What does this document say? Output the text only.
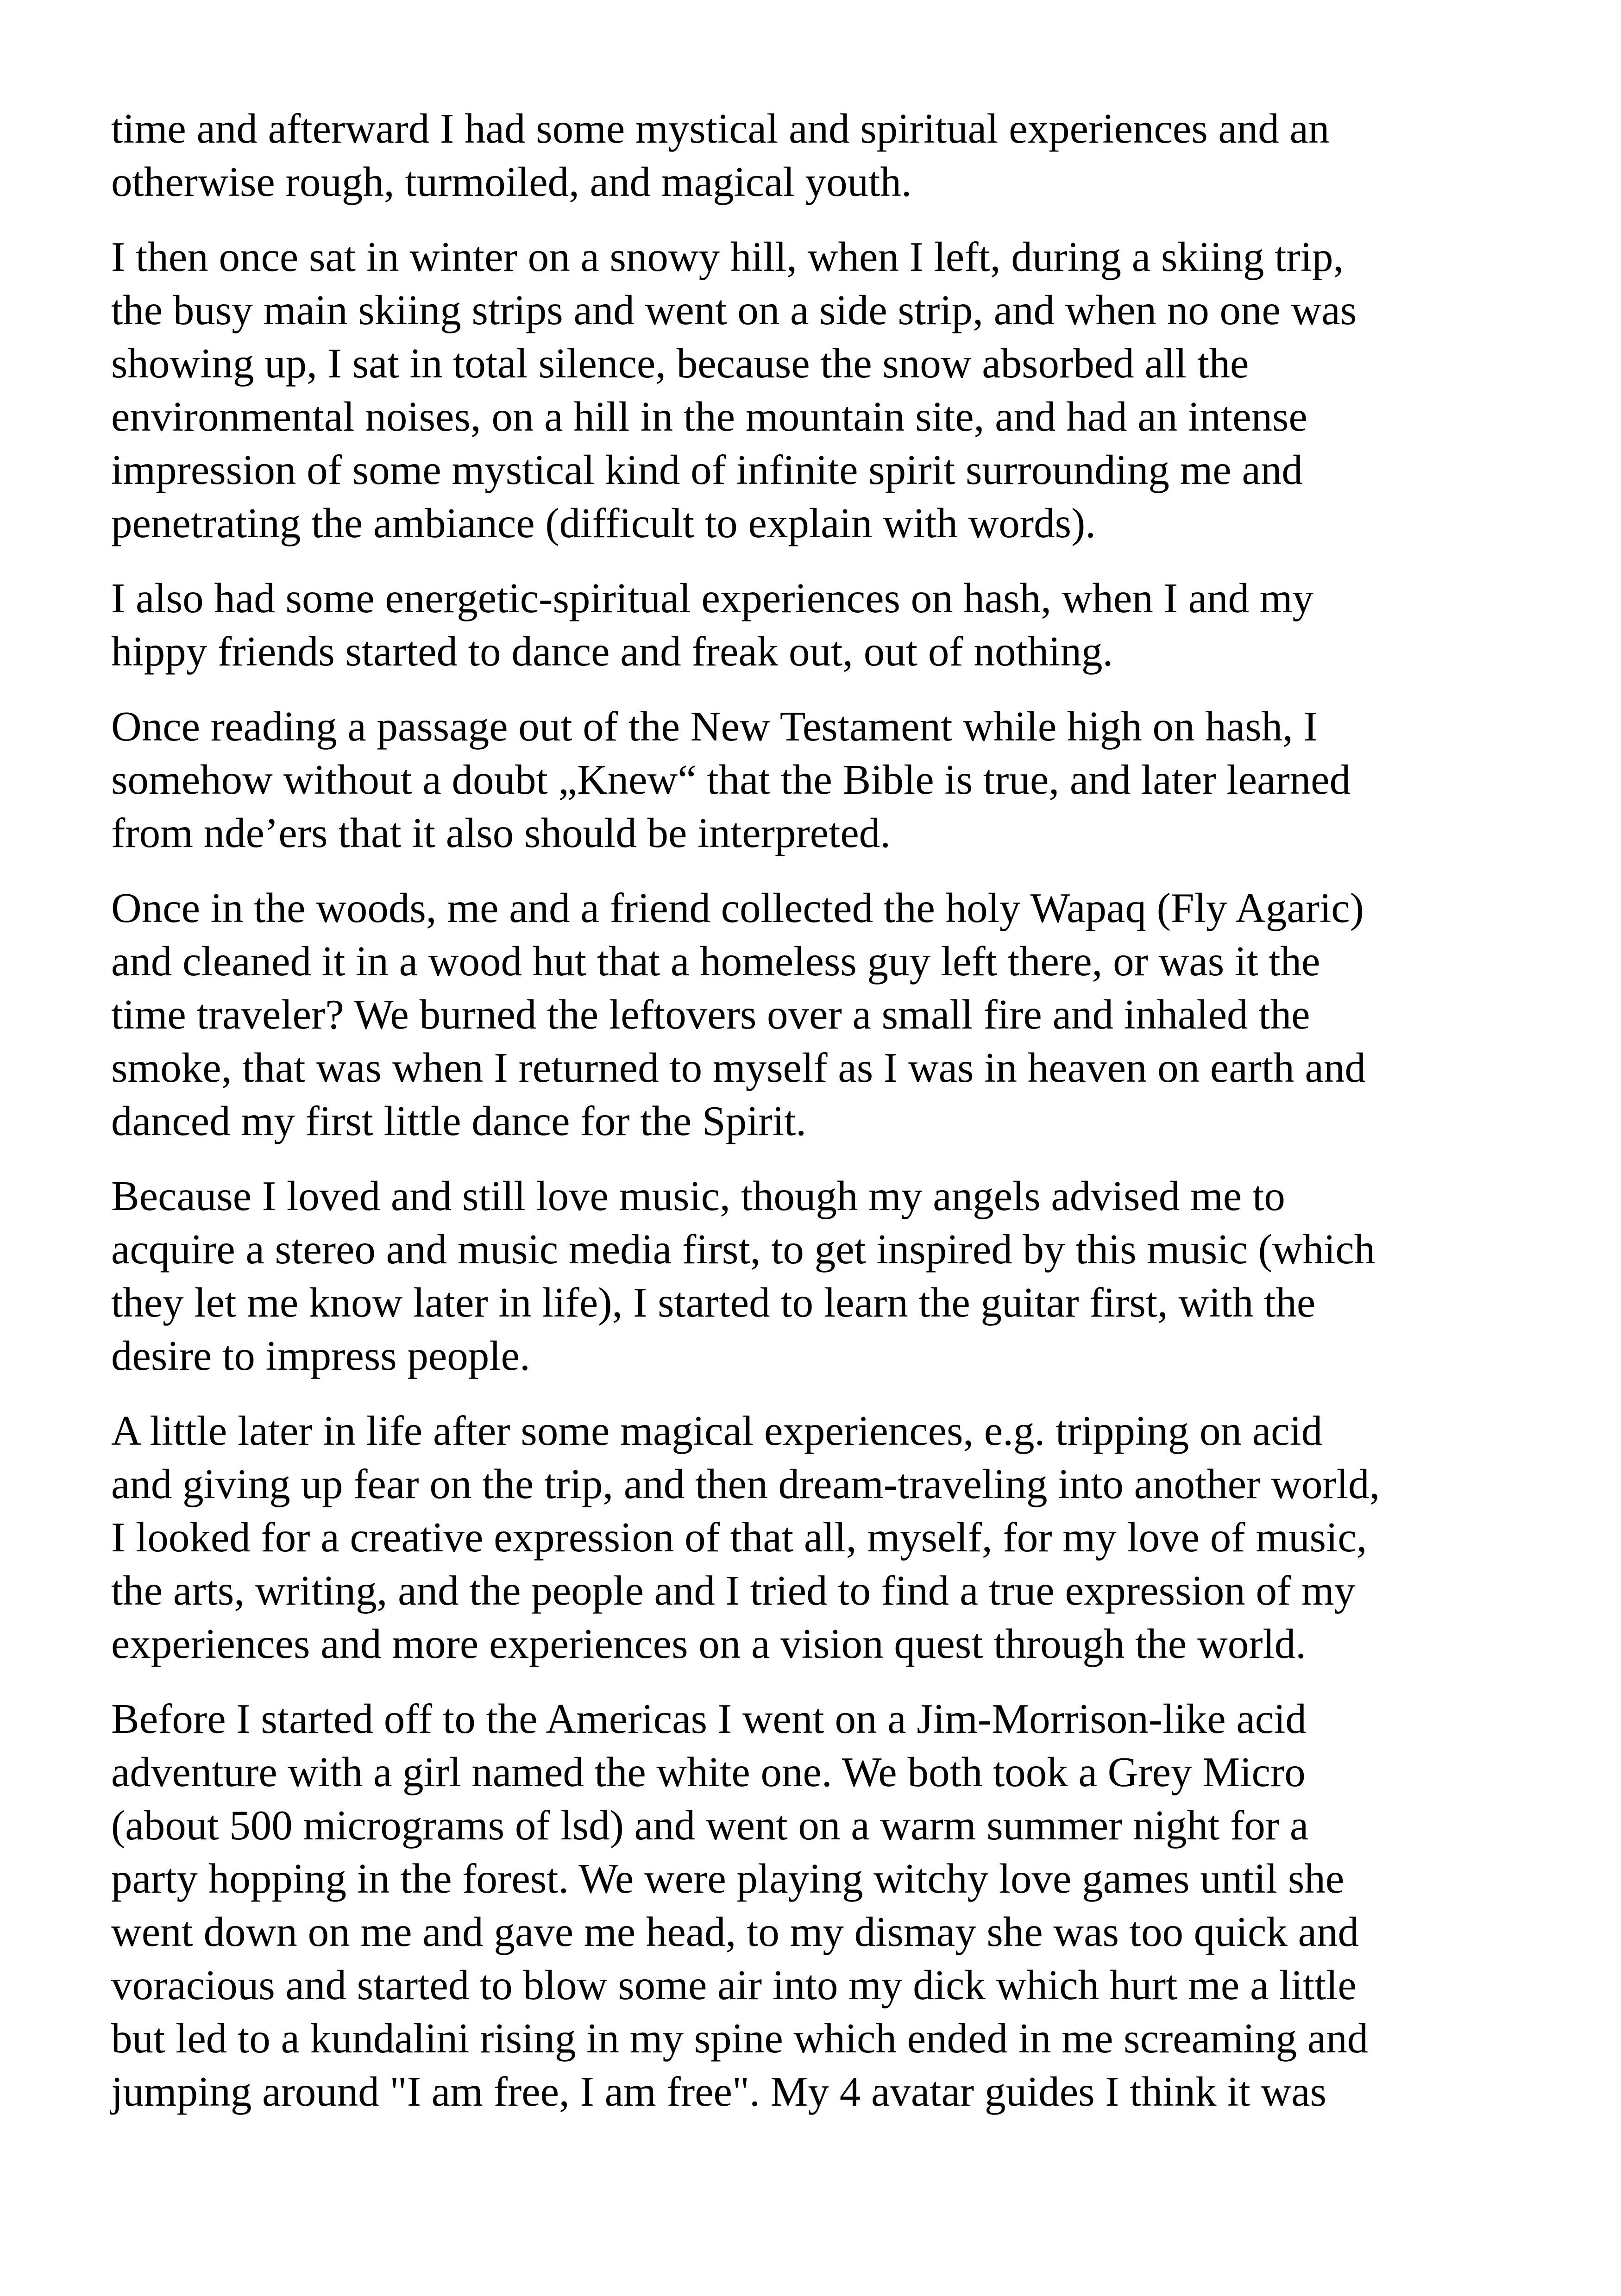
time and afterward I had some mystical and spiritual experiences and an
otherwise rough, turmoiled, and magical youth.

I then once sat in winter on a snowy hill, when I left, during a skiing trip,
the busy main skiing strips and went on a side strip, and when no one was
showing up, I sat in total silence, because the snow absorbed all the
environmental noises, on a hill in the mountain site, and had an intense
impression of some mystical kind of infinite spirit surrounding me and
penetrating the ambiance (difficult to explain with words).

I also had some energetic-spiritual experiences on hash, when I and my
hippy friends started to dance and freak out, out of nothing.

Once reading a passage out of the New Testament while high on hash, I
somehow without a doubt „Knew“ that the Bible is true, and later learned
from nde’ers that it also should be interpreted.

Once in the woods, me and a friend collected the holy Wapaq (Fly Agaric)
and cleaned it in a wood hut that a homeless guy left there, or was it the
time traveler? We burned the leftovers over a small fire and inhaled the
smoke, that was when I returned to myself as I was in heaven on earth and
danced my first little dance for the Spirit.

Because I loved and still love music, though my angels advised me to
acquire a stereo and music media first, to get inspired by this music (which
they let me know later in life), I started to learn the guitar first, with the
desire to impress people.

A little later in life after some magical experiences, e.g. tripping on acid
and giving up fear on the trip, and then dream-traveling into another world,
I looked for a creative expression of that all, myself, for my love of music,
the arts, writing, and the people and I tried to find a true expression of my
experiences and more experiences on a vision quest through the world.

Before I started off to the Americas I went on a Jim-Morrison-like acid
adventure with a girl named the white one. We both took a Grey Micro
(about 500 micrograms of lsd) and went on a warm summer night for a
party hopping in the forest. We were playing witchy love games until she
went down on me and gave me head, to my dismay she was too quick and
voracious and started to blow some air into my dick which hurt me a little
but led to a kundalini rising in my spine which ended in me screaming and
jumping around "I am free, I am free". My 4 avatar guides I think it was
